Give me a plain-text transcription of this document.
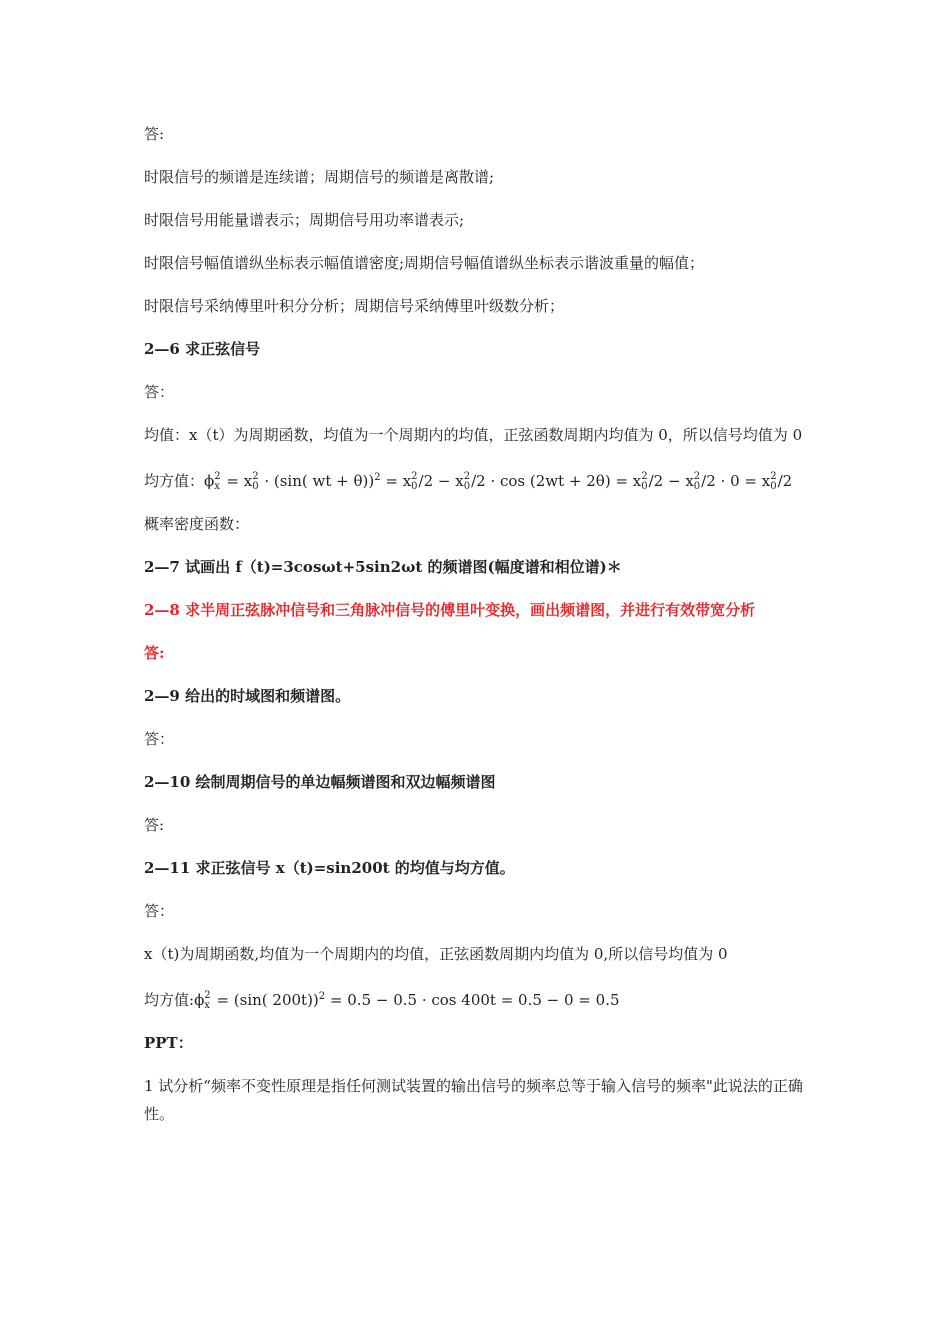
答:

时限信号的频谱是连续谱；周期信号的频谱是离散谱;

时限信号用能量谱表示；周期信号用功率谱表示;

时限信号幅值谱纵坐标表示幅值谱密度;周期信号幅值谱纵坐标表示谐波重量的幅值；

时限信号采纳傅里叶积分分析；周期信号采纳傅里叶级数分析；

2—6 求正弦信号

答：

均值：x（t）为周期函数，均值为一个周期内的均值，正弦函数周期内均值为 0，所以信号均值为 0

均方值：ϕ 2
x = x 2
0 · (sin( wt + θ))$^2$ = x 2
0 /2 − x 2
0 /2 · cos (2wt + 2θ) = x 2
0 /2 − x 2
0 /2 · 0 = x 2
0 /2

概率密度函数：

2—7 试画出 f（t)=3cosωt+5sin2ωt 的频谱图(幅度谱和相位谱)＊

2—8 求半周正弦脉冲信号和三角脉冲信号的傅里叶变换，画出频谱图，并进行有效带宽分析

答:

2—9 给出的时域图和频谱图。

答：

2—10 绘制周期信号的单边幅频谱图和双边幅频谱图

答:

2—11 求正弦信号 x（t)=sin200t 的均值与均方值。

答：

x（t)为周期函数,均值为一个周期内的均值，正弦函数周期内均值为 0,所以信号均值为 0

均方值:ϕ 2
x = (sin( 200t))$^2$ = 0.5 − 0.5 · cos 400t = 0.5 − 0 = 0.5

PPT：

1 试分析“频率不变性原理是指任何测试装置的输出信号的频率总等于输入信号的频率"此说法的正确性。
